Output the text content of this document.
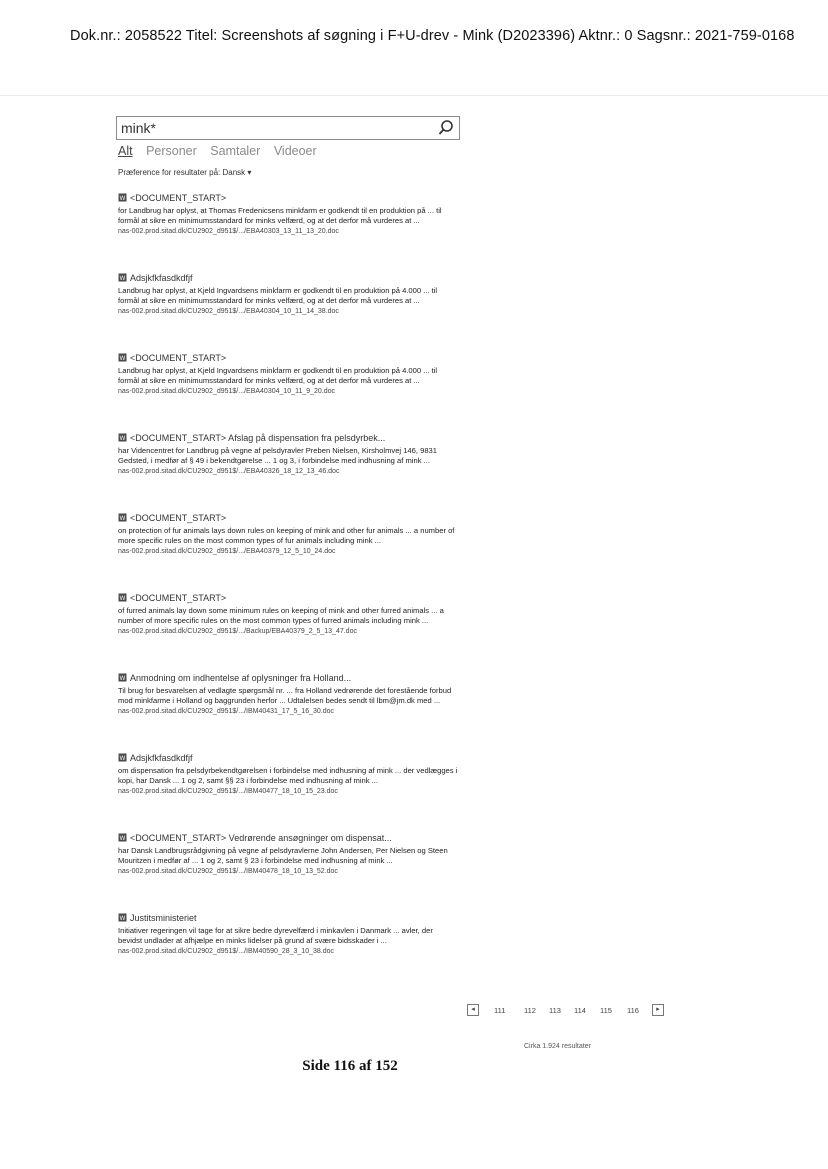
Dok.nr.: 2058522 Titel: Screenshots af søgning i F+U-drev - Mink (D2023396) Aktnr.: 0 Sagsnr.: 2021-759-0168
mink*
Alt Personer Samtaler Videoer
Præference for resultater på: Dansk ▾
W <DOCUMENT_START>
for Landbrug har oplyst, at Thomas Fredenicsens minkfarm er godkendt til en produktion på ... til formål at sikre en minimumsstandard for minks velfærd, og at det derfor må vurderes at ...
nas-002.prod.sitad.dk/CU2902_d951$/.../EBA40303_13_11_13_20.doc
W Adsjkfkfasdkdfjf
Landbrug har oplyst, at Kjeld Ingvardsens minkfarm er godkendt til en produktion på 4.000 ... til formål at sikre en minimumsstandard for minks velfærd, og at det derfor må vurderes at ...
nas-002.prod.sitad.dk/CU2902_d951$/.../EBA40304_10_11_14_38.doc
W <DOCUMENT_START>
Landbrug har oplyst, at Kjeld Ingvardsens minkfarm er godkendt til en produktion på 4.000 ... til formål at sikre en minimumsstandard for minks velfærd, og at det derfor må vurderes at ...
nas-002.prod.sitad.dk/CU2902_d951$/.../EBA40304_10_11_9_20.doc
W <DOCUMENT_START> Afslag på dispensation fra pelsdyrbek...
har Videncentret for Landbrug på vegne af pelsdyravler Preben Nielsen, Kirsholmvej 146, 9831 Gedsted, i medfør af § 49 i bekendtgørelse ... 1 og 3, i forbindelse med indhusning af mink ...
nas-002.prod.sitad.dk/CU2902_d951$/.../EBA40326_18_12_13_46.doc
W <DOCUMENT_START>
on protection of fur animals lays down rules on keeping of mink and other fur animals ... a number of more specific rules on the most common types of fur animals including mink ...
nas-002.prod.sitad.dk/CU2902_d951$/.../EBA40379_12_5_10_24.doc
W <DOCUMENT_START>
of furred animals lay down some minimum rules on keeping of mink and other furred animals ... a number of more specific rules on the most common types of furred animals including mink ...
nas-002.prod.sitad.dk/CU2902_d951$/.../Backup/EBA40379_2_5_13_47.doc
W Anmodning om indhentelse af oplysninger fra Holland...
Til brug for besvarelsen af vedlagte spørgsmål nr. ... fra Holland vedrørende det forestående forbud mod minkfarme i Holland og baggrunden herfor ... Udtalelsen bedes sendt til lbm@jm.dk med ...
nas-002.prod.sitad.dk/CU2902_d951$/.../IBM40431_17_5_16_30.doc
W Adsjkfkfasdkdfjf
om dispensation fra pelsdyrbekendtgørelsen i forbindelse med indhusning af mink ... der vedlægges i kopi, har Dansk ... 1 og 2, samt §§ 23 i forbindelse med indhusning af mink ...
nas-002.prod.sitad.dk/CU2902_d951$/.../IBM40477_18_10_15_23.doc
W <DOCUMENT_START> Vedrørende ansøgninger om dispensat...
har Dansk Landbrugsrådgivning på vegne af pelsdyravlerne John Andersen, Per Nielsen og Steen Mouritzen i medfør af ... 1 og 2, samt § 23 i forbindelse med indhusning af mink ...
nas-002.prod.sitad.dk/CU2902_d951$/.../IBM40478_18_10_13_52.doc
W Justitsministeriet
Initiativer regeringen vil tage for at sikre bedre dyrevelfærd i minkavlen i Danmark ... avler, der bevidst undlader at afhjælpe en minks lidelser på grund af svære bidsskader i ...
nas-002.prod.sitad.dk/CU2902_d951$/.../IBM40590_28_3_10_38.doc
◂	111 112 113 114 115 116	▸
Cirka 1.924 resultater
Side 116 af 152
